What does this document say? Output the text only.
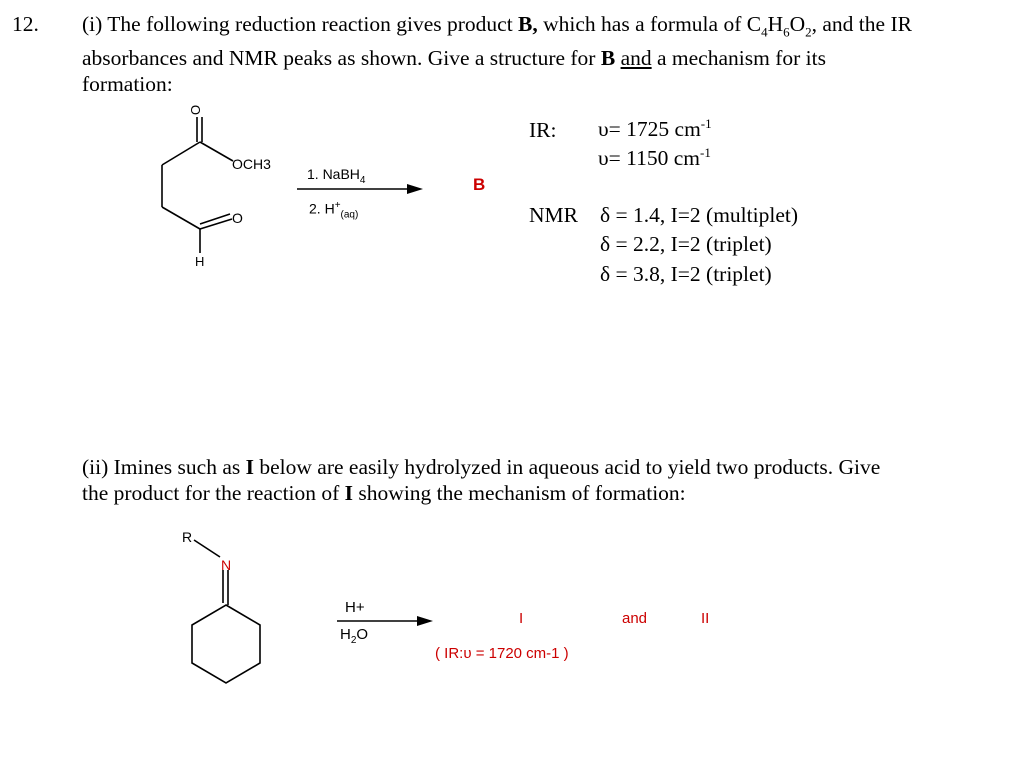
12. (i) The following reduction reaction gives product B, which has a formula of $C_4H_6O_2$, and the IR
absorbances and NMR peaks as shown. Give a structure for B and a mechanism for its
formation:
O
OCH3
O
H
1. NaBH$_4$
2. $H^+_{(aq)}$
B
IR: υ= 1725 $cm^{-1}$
υ= 1150 $cm^{-1}$
NMR δ = 1.4, I=2 (multiplet)
δ = 2.2, I=2 (triplet)
δ = 3.8, I=2 (triplet)
(ii) Imines such as I below are easily hydrolyzed in aqueous acid to yield two products. Give
the product for the reaction of I showing the mechanism of formation:
R
N
H+
$H_2O$
I	and	II
( IR:υ = 1720 cm-1 )
